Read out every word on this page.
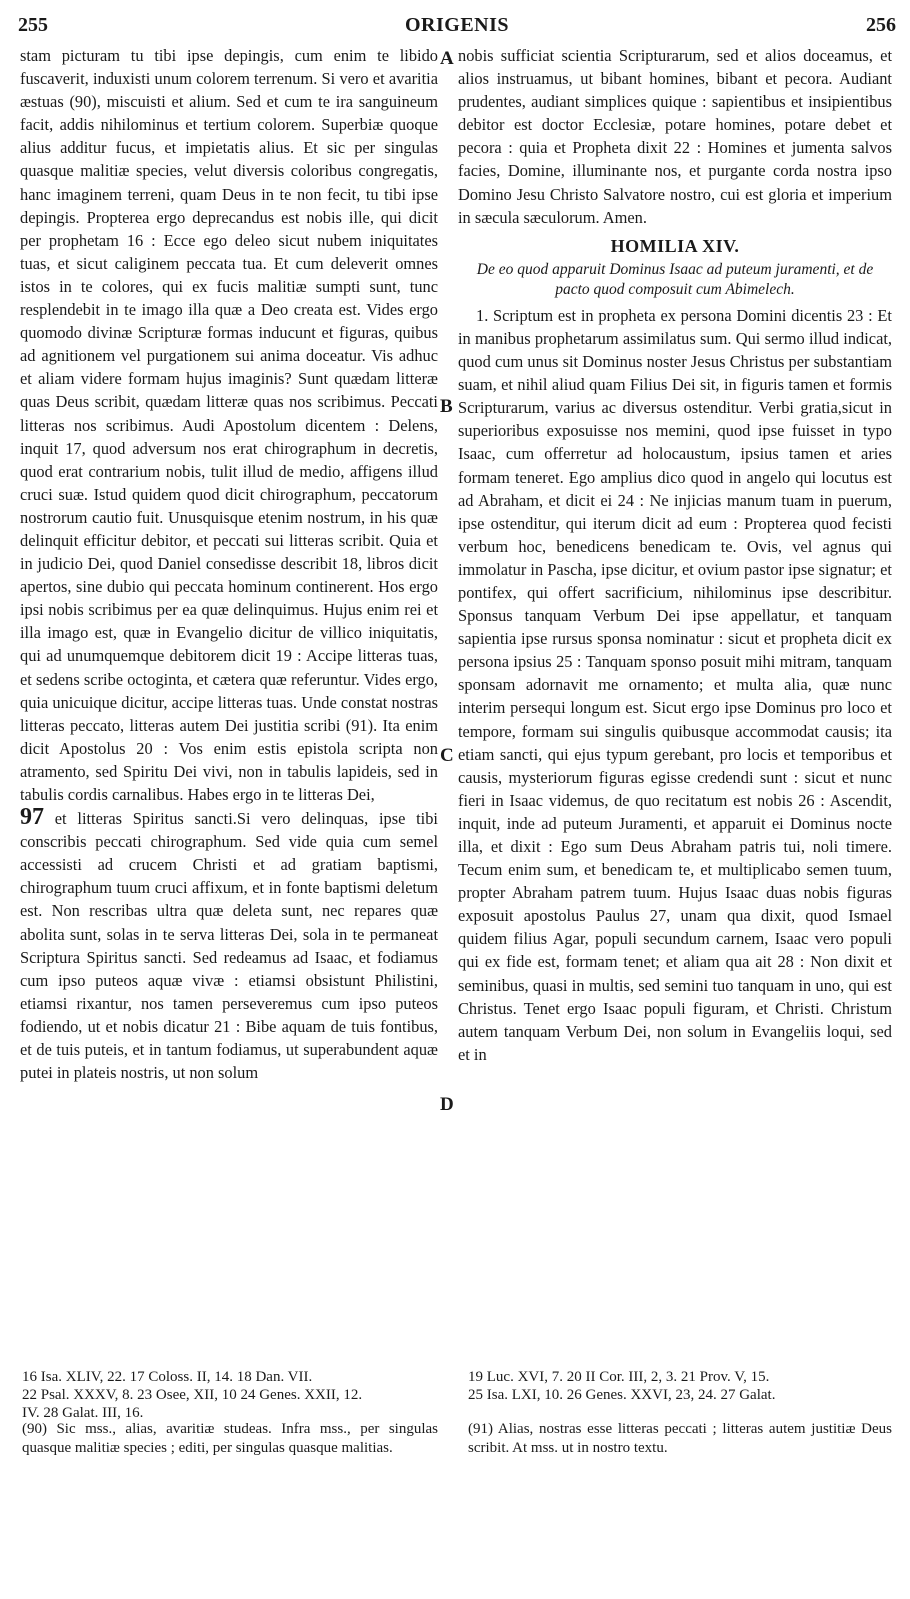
255	ORIGENIS	256
A
B
C
D

stam picturam tu tibi ipse depingis, cum enim te libido fuscaverit, induxisti unum colorem terrenum. Si vero et avaritia æstuas (90), miscuisti et alium. Sed et cum te ira sanguineum facit, addis nihilominus et tertium colorem. Superbiæ quoque alius additur fucus, et impietatis alius. Et sic per singulas quasque malitiæ species, velut diversis coloribus congregatis, hanc imaginem terreni, quam Deus in te non fecit, tu tibi ipse depingis. Propterea ergo deprecandus est nobis ille, qui dicit per prophetam 16 : Ecce ego deleo sicut nubem iniquitates tuas, et sicut caliginem peccata tua. Et cum deleverit omnes istos in te colores, qui ex fucis malitiæ sumpti sunt, tunc resplendebit in te imago illa quæ a Deo creata est. Vides ergo quomodo divinæ Scripturæ formas inducunt et figuras, quibus ad agnitionem vel purgationem sui anima doceatur. Vis adhuc et aliam videre formam hujus imaginis? Sunt quædam litteræ quas Deus scribit, quædam litteræ quas nos scribimus. Peccati litteras nos scribimus. Audi Apostolum dicentem : Delens, inquit 17, quod adversum nos erat chirographum in decretis, quod erat contrarium nobis, tulit illud de medio, affigens illud cruci suæ. Istud quidem quod dicit chirographum, peccatorum nostrorum cautio fuit. Unusquisque etenim nostrum, in his quæ delinquit efficitur debitor, et peccati sui litteras scribit. Quia et in judicio Dei, quod Daniel consedisse describit 18, libros dicit apertos, sine dubio qui peccata hominum continerent. Hos ergo ipsi nobis scribimus per ea quæ delinquimus. Hujus enim rei et illa imago est, quæ in Evangelio dicitur de villico iniquitatis, qui ad unumquemque debitorem dicit 19 : Accipe litteras tuas, et sedens scribe octoginta, et cætera quæ referuntur. Vides ergo, quia unicuique dicitur, accipe litteras tuas. Unde constat nostras litteras peccato, litteras autem Dei justitia scribi (91). Ita enim dicit Apostolus 20 : Vos enim estis epistola scripta non atramento, sed Spiritu Dei vivi, non in tabulis lapideis, sed in tabulis cordis carnalibus. Habes ergo in te litteras Dei,

97 et litteras Spiritus sancti.Si vero delinquas, ipse tibi conscribis peccati chirographum. Sed vide quia cum semel accessisti ad crucem Christi et ad gratiam baptismi, chirographum tuum cruci affixum, et in fonte baptismi deletum est. Non rescribas ultra quæ deleta sunt, nec repares quæ abolita sunt, solas in te serva litteras Dei, sola in te permaneat Scriptura Spiritus sancti. Sed redeamus ad Isaac, et fodiamus cum ipso puteos aquæ vivæ : etiamsi obsistunt Philistini, etiamsi rixantur, nos tamen perseveremus cum ipso puteos fodiendo, ut et nobis dicatur 21 : Bibe aquam de tuis fontibus, et de tuis puteis, et in tantum fodiamus, ut superabundent aquæ putei in plateis nostris, ut non solum

nobis sufficiat scientia Scripturarum, sed et alios doceamus, et alios instruamus, ut bibant homines, bibant et pecora. Audiant prudentes, audiant simplices quique : sapientibus et insipientibus debitor est doctor Ecclesiæ, potare homines, potare debet et pecora : quia et Propheta dixit 22 : Homines et jumenta salvos facies, Domine, illuminante nos, et purgante corda nostra ipso Domino Jesu Christo Salvatore nostro, cui est gloria et imperium in sæcula sæculorum. Amen.

HOMILIA XIV.

De eo quod apparuit Dominus Isaac ad puteum juramenti, et de pacto quod composuit cum Abimelech.

1. Scriptum est in propheta ex persona Domini dicentis 23 : Et in manibus prophetarum assimilatus sum. Qui sermo illud indicat, quod cum unus sit Dominus noster Jesus Christus per substantiam suam, et nihil aliud quam Filius Dei sit, in figuris tamen et formis Scripturarum, varius ac diversus ostenditur. Verbi gratia,sicut in superioribus exposuisse nos memini, quod ipse fuisset in typo Isaac, cum offerretur ad holocaustum, ipsius tamen et aries formam teneret. Ego amplius dico quod in angelo qui locutus est ad Abraham, et dicit ei 24 : Ne injicias manum tuam in puerum, ipse ostenditur, qui iterum dicit ad eum : Propterea quod fecisti verbum hoc, benedicens benedicam te. Ovis, vel agnus qui immolatur in Pascha, ipse dicitur, et ovium pastor ipse signatur; et pontifex, qui offert sacrificium, nihilominus ipse describitur. Sponsus tanquam Verbum Dei ipse appellatur, et tanquam sapientia ipse rursus sponsa nominatur : sicut et propheta dicit ex persona ipsius 25 : Tanquam sponso posuit mihi mitram, tanquam sponsam adornavit me ornamento; et multa alia, quæ nunc interim persequi longum est. Sicut ergo ipse Dominus pro loco et tempore, formam sui singulis quibusque accommodat causis; ita etiam sancti, qui ejus typum gerebant, pro locis et temporibus et causis, mysteriorum figuras egisse credendi sunt : sicut et nunc fieri in Isaac videmus, de quo recitatum est nobis 26 : Ascendit, inquit, inde ad puteum Juramenti, et apparuit ei Dominus nocte illa, et dixit : Ego sum Deus Abraham patris tui, noli timere. Tecum enim sum, et benedicam te, et multiplicabo semen tuum, propter Abraham patrem tuum. Hujus Isaac duas nobis figuras exposuit apostolus Paulus 27, unam qua dixit, quod Ismael quidem filius Agar, populi secundum carnem, Isaac vero populi qui ex fide est, formam tenet; et aliam qua ait 28 : Non dixit et seminibus, quasi in multis, sed semini tuo tanquam in uno, qui est Christus. Tenet ergo Isaac populi figuram, et Christi. Christum autem tanquam Verbum Dei, non solum in Evangeliis loqui, sed et in

16 Isa. XLIV, 22. 17 Coloss. II, 14. 18 Dan. VII.
22 Psal. XXXV, 8. 23 Osee, XII, 10 24 Genes. XXII, 12.
IV. 28 Galat. III, 16.
19 Luc. XVI, 7. 20 II Cor. III, 2, 3. 21 Prov. V, 15.
25 Isa. LXI, 10. 26 Genes. XXVI, 23, 24. 27 Galat.
(90) Sic mss., alias, avaritiæ studeas. Infra mss., per singulas quasque malitiæ species ; editi, per singulas quasque malitias.
(91) Alias, nostras esse litteras peccati ; litteras autem justitiæ Deus scribit. At mss. ut in nostro textu.
